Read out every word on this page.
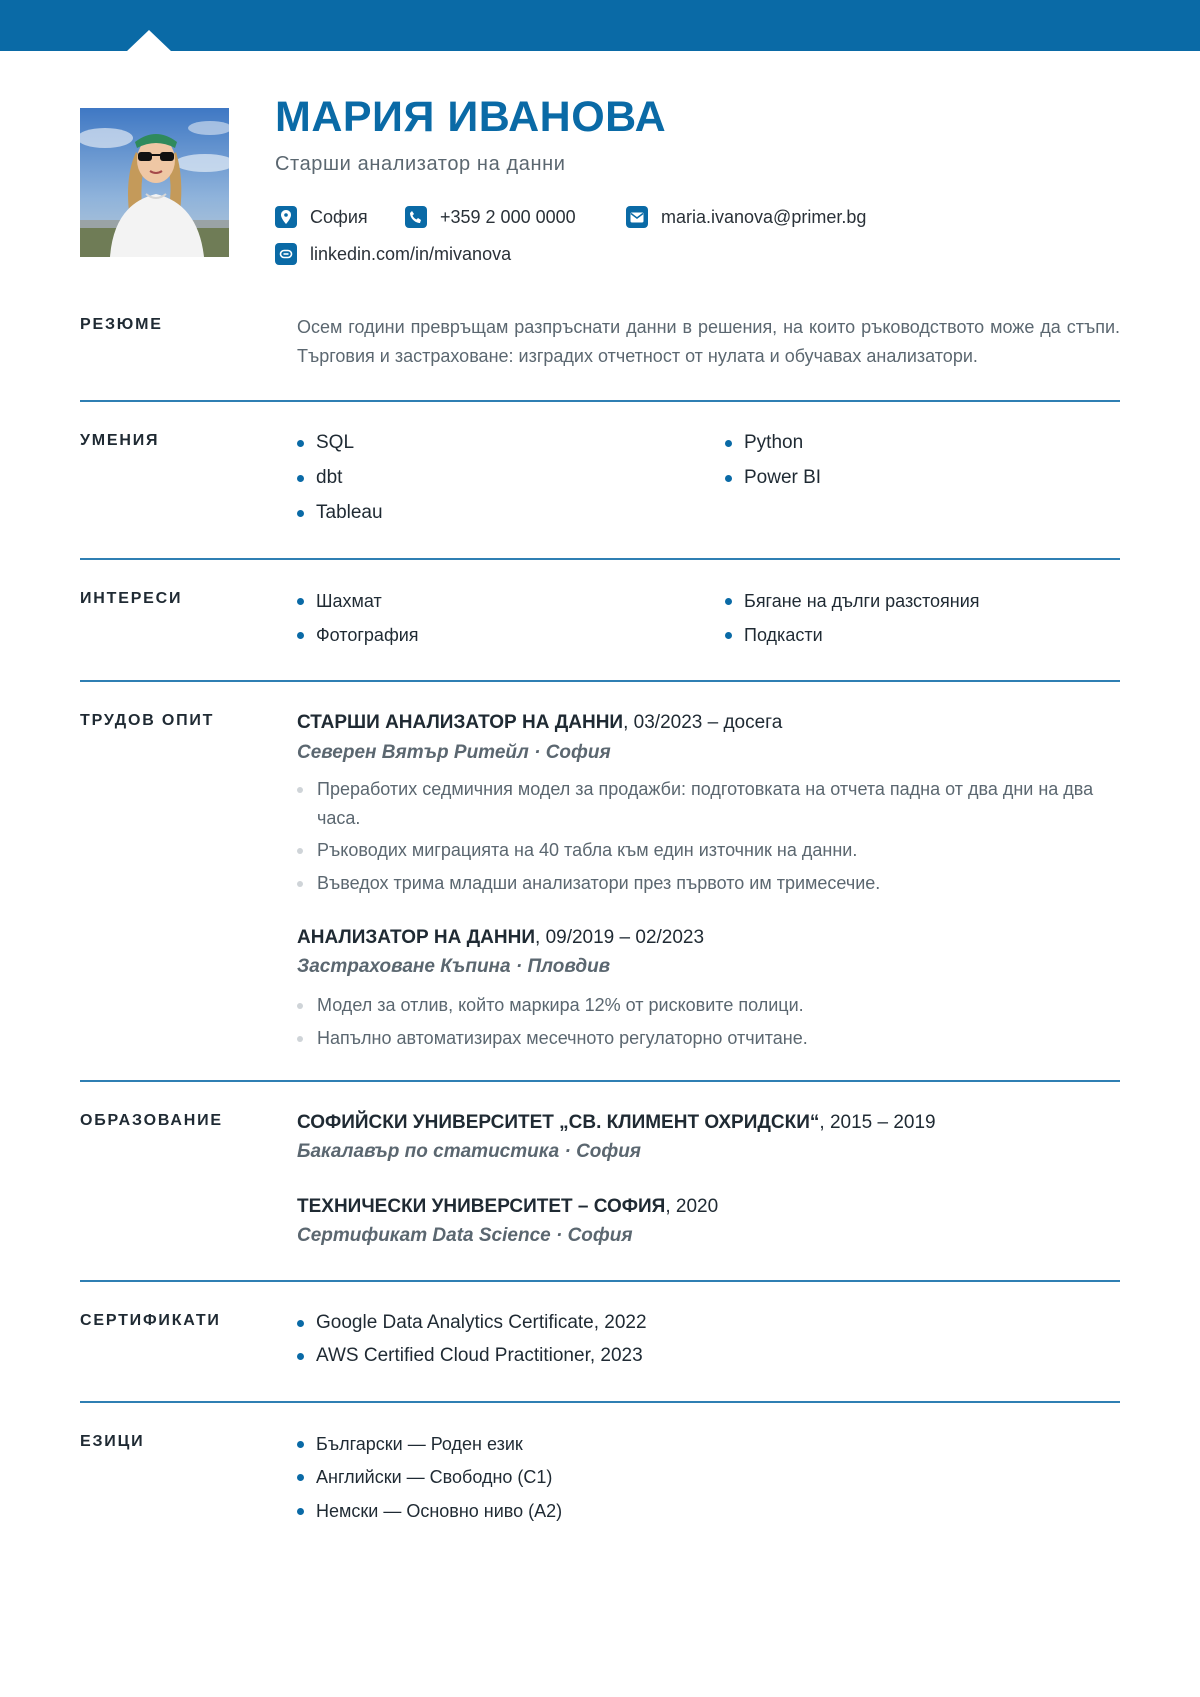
МАРИЯ ИВАНОВА
Старши анализатор на данни
София	+359 2 000 0000	maria.ivanova@primer.bg
linkedin.com/in/mivanova
РЕЗЮМЕ	Осем години превръщам разпръснати данни в решения, на които ръководството може да стъпи. Търговия и застраховане: изградих отчетност от нулата и обучавах анализатори.

УМЕНИЯ	SQL	Python
dbt	Power BI
Tableau
ИНТЕРЕСИ	Шахмат	Бягане на дълги разстояния
Фотография	Подкасти
ТРУДОВ ОПИТ	СТАРШИ АНАЛИЗАТОР НА ДАННИ, 03/2023 – досега
Северен Вятър Ритейл · София
Преработих седмичния модел за продажби: подготовката на отчета падна от два дни на два часа.
Ръководих миграцията на 40 табла към един източник на данни.
Въведох трима младши анализатори през първото им тримесечие.
АНАЛИЗАТОР НА ДАННИ, 09/2019 – 02/2023
Застраховане Къпина · Пловдив
Модел за отлив, който маркира 12% от рисковите полици.
Напълно автоматизирах месечното регулаторно отчитане.
ОБРАЗОВАНИЕ	СОФИЙСКИ УНИВЕРСИТЕТ „СВ. КЛИМЕНТ ОХРИДСКИ“, 2015 – 2019
Бакалавър по статистика · София
ТЕХНИЧЕСКИ УНИВЕРСИТЕТ – СОФИЯ, 2020
Сертификат Data Science · София
СЕРТИФИКАТИ	Google Data Analytics Certificate, 2022
AWS Certified Cloud Practitioner, 2023
ЕЗИЦИ	Български — Роден език
Английски — Свободно (C1)
Немски — Основно ниво (A2)
